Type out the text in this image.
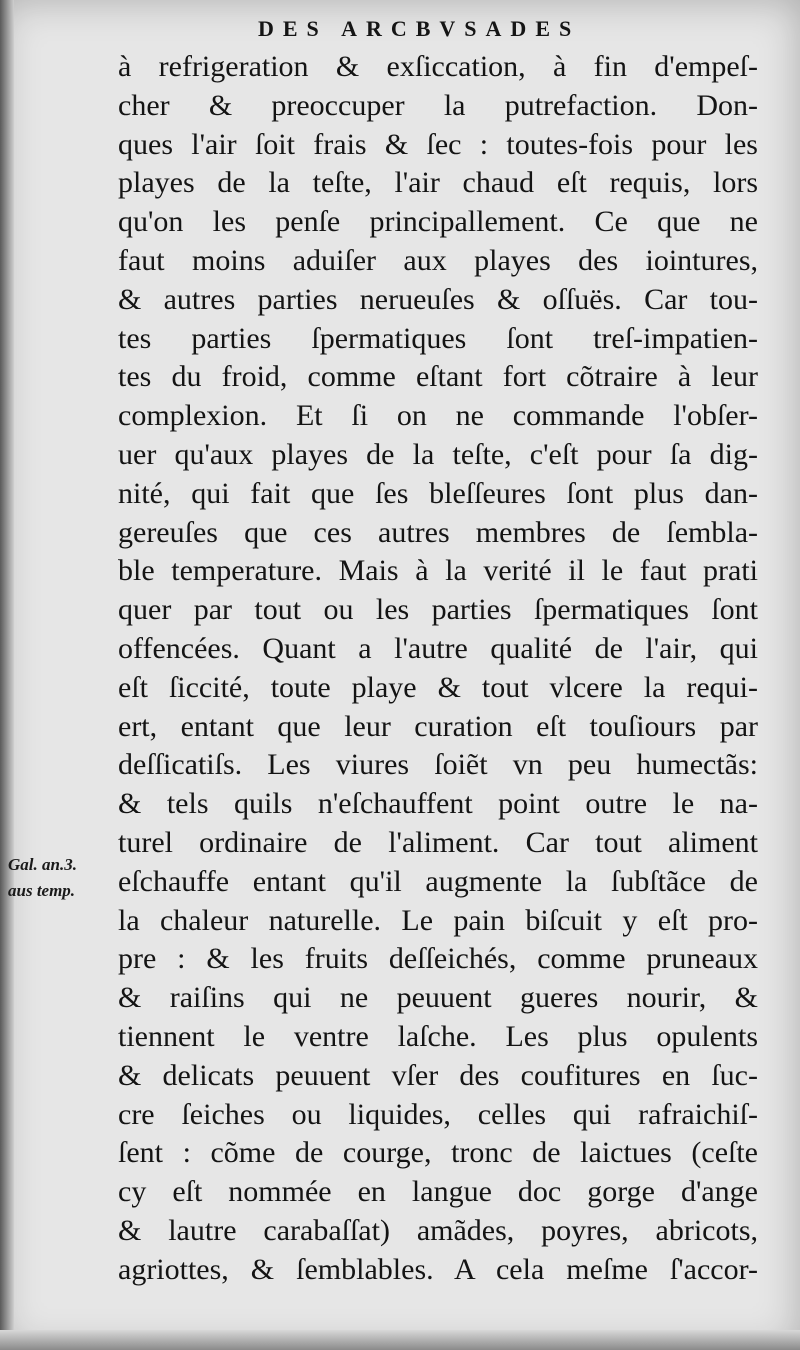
DES ARCBVSADES
à refrigeration & exſiccation, à fin d'empeſ-
cher & preoccuper la putrefaction. Don-
ques l'air ſoit frais & ſec : toutes-fois pour les
playes de la teſte, l'air chaud eſt requis, lors
qu'on les penſe principallement. Ce que ne
faut moins aduiſer aux playes des iointures,
& autres parties nerueuſes & oſſuës. Car tou-
tes parties ſpermatiques ſont treſ-impatien-
tes du froid, comme eſtant fort cõtraire à leur
complexion. Et ſi on ne commande l'obſer-
uer qu'aux playes de la teſte, c'eſt pour ſa dig-
nité, qui fait que ſes bleſſeures ſont plus dan-
gereuſes que ces autres membres de ſembla-
ble temperature. Mais à la verité il le faut prati
quer par tout ou les parties ſpermatiques ſont
offencées. Quant a l'autre qualité de l'air, qui
eſt ſiccité, toute playe & tout vlcere la requi-
ert, entant que leur curation eſt touſiours par
deſſicatiſs. Les viures ſoiẽt vn peu humectãs:
& tels quils n'eſchauffent point outre le na-
turel ordinaire de l'aliment. Car tout aliment
eſchauffe entant qu'il augmente la ſubſtãce de
la chaleur naturelle. Le pain biſcuit y eſt pro-
pre : & les fruits deſſeichés, comme pruneaux
& raiſins qui ne peuuent gueres nourir, &
tiennent le ventre laſche. Les plus opulents
& delicats peuuent vſer des coufitures en ſuc-
cre ſeiches ou liquides, celles qui rafraichiſ-
ſent : cõme de courge, tronc de laictues (ceſte
cy eſt nommée en langue doc gorge d'ange
& lautre carabaſſat) amãdes, poyres, abricots,
agriottes, & ſemblables. A cela meſme ſ'accor-
Gal. an.3.
aus temp.
